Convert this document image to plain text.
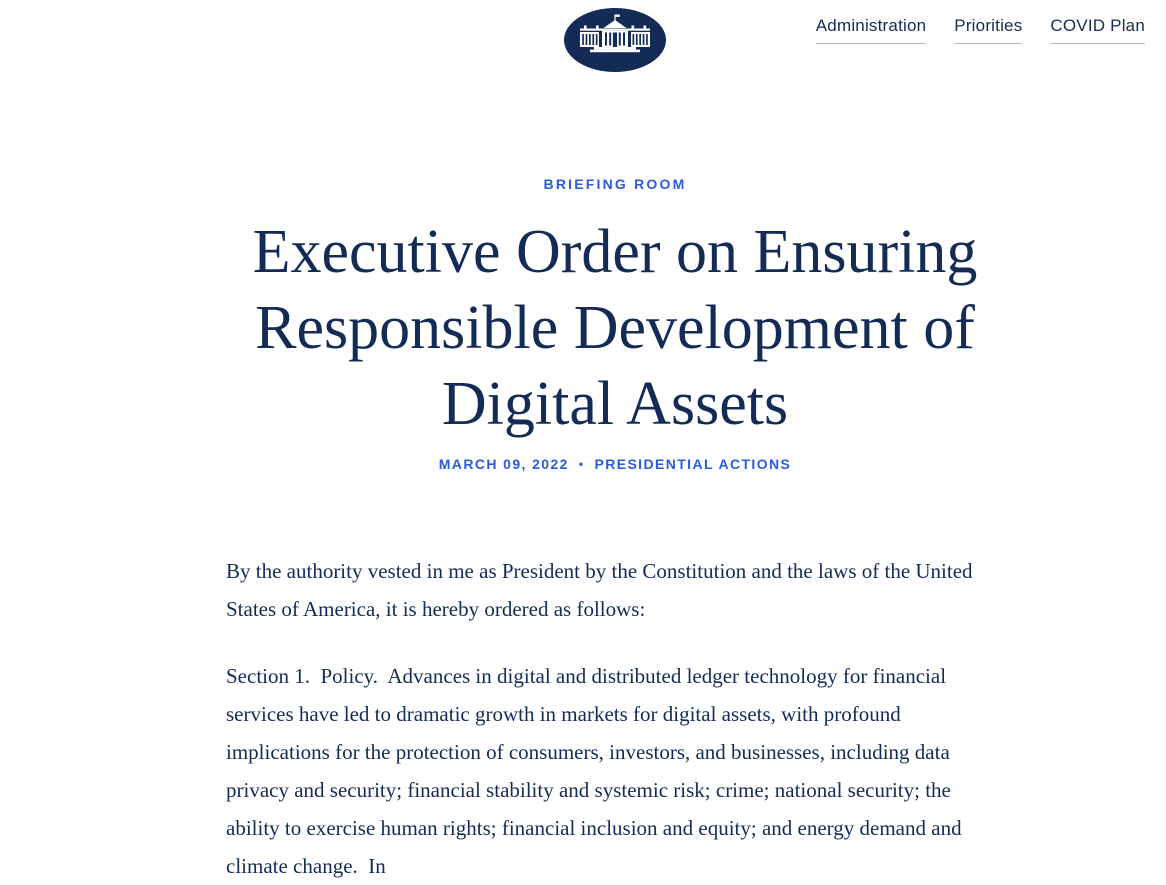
Administration Priorities COVID Plan
BRIEFING ROOM
Executive Order on Ensuring
Responsible Development of
Digital Assets
MARCH 09, 2022 • PRESIDENTIAL ACTIONS

By the authority vested in me as President by the Constitution and the laws of the United States of America, it is hereby ordered as follows:

Section 1.  Policy.  Advances in digital and distributed ledger technology for financial services have led to dramatic growth in markets for digital assets, with profound implications for the protection of consumers, investors, and businesses, including data privacy and security; financial stability and systemic risk; crime; national security; the ability to exercise human rights; financial inclusion and equity; and energy demand and climate change.  In
